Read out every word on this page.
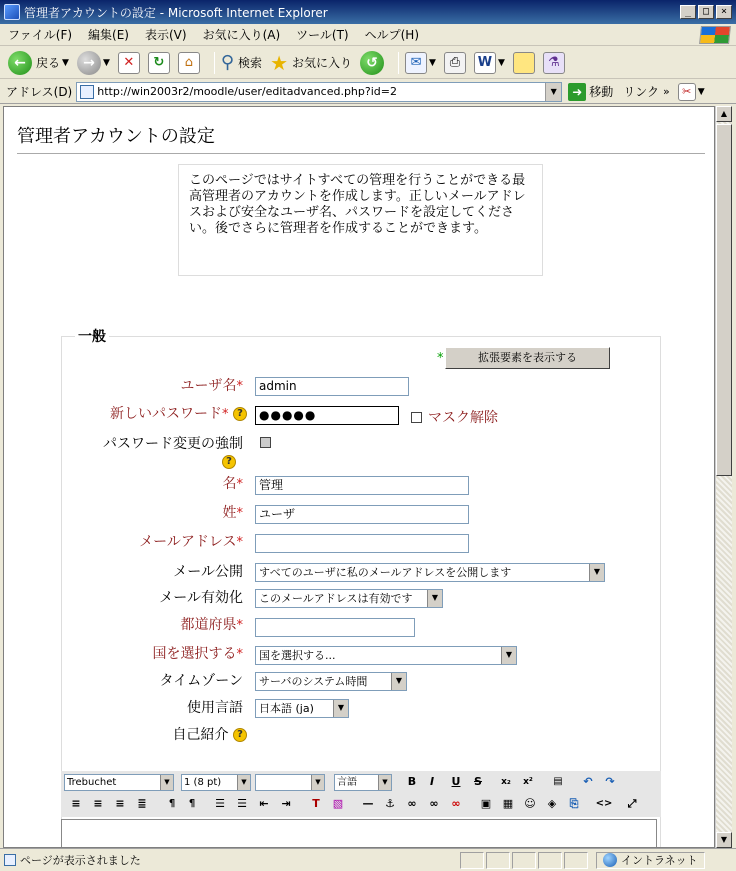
管理者アカウントの設定 - Microsoft Internet Explorer	_	□	×
ファイル(F) 編集(E) 表示(V) お気に入り(A) ツール(T) ヘルプ(H)
← 戻る ▼	→ ▼	✕	↻	⌂	⚲ 検索 ★ お気に入り	↺	✉ ▼	⎙	W ▼	⚗
アドレス(D) http://win2003r2/moodle/user/editadvanced.php?id=2	▼	➜ 移動 リンク »	✂ ▼
管理者アカウントの設定
このページではサイトすべての管理を行うことができる最高管理者のアカウントを作成します。正しいメールアドレスおよび安全なユーザ名、パスワードを設定してください。後でさらに管理者を作成することができます。
一般
*	拡張要素を表示する
ユーザ名*	admin
新しいパスワード* ?	●●●●●	マスク解除
パスワード変更の強制
?
名*	管理
姓*	ユーザ
メールアドレス*
メール公開	すべてのユーザに私のメールアドレスを公開します	▼
メール有効化	このメールアドレスは有効です	▼
都道府県*
国を選択する*	国を選択する...	▼
タイムゾーン	サーバのシステム時間	▼
使用言語	日本語 (ja)	▼
自己紹介 ?
Trebuchet	▼	1 (8 pt)	▼	▼	言語	▼	B	I	U	S	x₂	x²	▤	↶	↷
≡	≡	≡	≣	¶	¶	☰	☰	⇤	⇥	T	▧	—	⚓	∞	∞	∞	▣	▦	☺	◈	⎘	<>	⤢
▲
▼
ページが表示されました	イントラネット
